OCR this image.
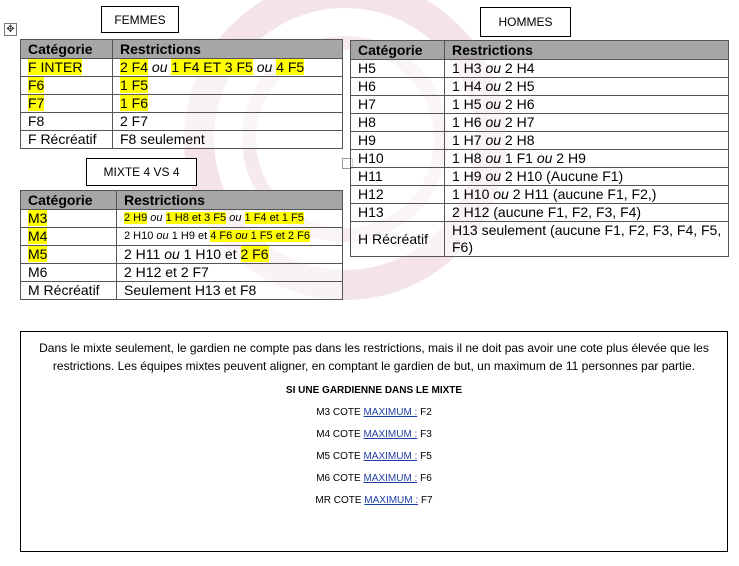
✥
FEMMES	HOMMES
MIXTE 4 VS 4
Catégorie	Restrictions
F INTER	2 F4 ou 1 F4 ET 3 F5 ou 4 F5
F6	1 F5
F7	1 F6
F8	2 F7
F Récréatif	F8 seulement
Catégorie	Restrictions
M3	2 H9 ou 1 H8 et 3 F5 ou 1 F4 et 1 F5
M4	2 H10 ou 1 H9 et 4 F6 ou 1 F5 et 2 F6
M5	2 H11 ou 1 H10 et 2 F6
M6	2 H12 et 2 F7
M Récréatif	Seulement H13 et F8
Catégorie	Restrictions
H5	1 H3 ou 2 H4
H6	1 H4 ou 2 H5
H7	1 H5 ou 2 H6
H8	1 H6 ou 2 H7
H9	1 H7 ou 2 H8
H10	1 H8 ou 1 F1 ou 2 H9
H11	1 H9 ou 2 H10 (Aucune F1)
H12	1 H10 ou 2 H11 (aucune F1, F2,)
H13	2 H12 (aucune F1, F2, F3, F4)
H Récréatif	H13 seulement (aucune F1, F2, F3, F4, F5, F6)

Dans le mixte seulement, le gardien ne compte pas dans les restrictions, mais il ne doit pas avoir une cote plus élevée que les restrictions. Les équipes mixtes peuvent aligner, en comptant le gardien de but, un maximum de 11 personnes par partie.

SI UNE GARDIENNE DANS LE MIXTE

M3 COTE MAXIMUM : F2

M4 COTE MAXIMUM : F3

M5 COTE MAXIMUM : F5

M6 COTE MAXIMUM : F6

MR COTE MAXIMUM : F7
